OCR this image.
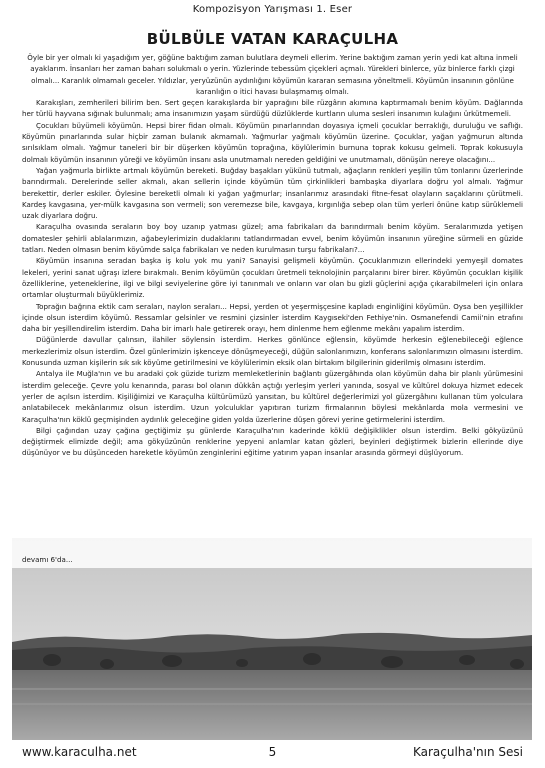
Kompozisyon Yarışması 1. Eser
BÜLBÜLE VATAN KARAÇULHA

Öyle bir yer olmalı ki yaşadığım yer, göğüne baktığım zaman bulutlara deymeli ellerim. Yerine baktığım zaman yerin yedi kat altına inmeli ayaklarım. İnsanları her zaman baharı solukmalı o yerin. Yüzlerinde tebessüm çiçekleri açmalı. Yürekleri binlerce, yüz binlerce farklı çizgi olmalı... Karanlık olmamalı geceler. Yıldızlar, yeryüzünün aydınlığını köyümün kararan semasına yöneltmeli. Köyümün insanının gönlüne karanlığın o itici havası bulaşmamış olmalı.

Karakışları, zemherileri bilirim ben. Sert geçen karakışlarda bir yaprağını bile rüzgârın akımına kaptırmamalı benim köyüm. Dağlarında her türlü hayvana sığınak bulunmalı; ama insanımızın yaşam sürdüğü düzlüklerde kurtların uluma sesleri insanımın kulağını ürkütmemeli.

Çocukları büyümeli köyümün. Hepsi birer fidan olmalı. Köyümün pınarlarından doyasıya içmeli çocuklar berraklığı, duruluğu ve saflığı. Köyümün pınarlarında sular hiçbir zaman bulanık akmamalı. Yağmurlar yağmalı köyümün üzerine. Çocuklar, yağan yağmurun altında sırılsıklam olmalı. Yağmur taneleri bir bir düşerken köyümün toprağına, köylülerimin burnuna toprak kokusu gelmeli. Toprak kokusuyla dolmalı köyümün insanının yüreği ve köyümün insanı asla unutmamalı nereden geldiğini ve unutmamalı, dönüşün nereye olacağını...

Yağan yağmurla birlikte artmalı köyümün bereketi. Buğday başakları yükünü tutmalı, ağaçların renkleri yeşilin tüm tonlarını üzerlerinde barındırmalı. Derelerinde seller akmalı, akan sellerin içinde köyümün tüm çirkinlikleri bambaşka diyarlara doğru yol almalı. Yağmur berekettir, derler eskiler. Öylesine bereketli olmalı ki yağan yağmurlar; insanlarımız arasındaki fitne-fesat olayların saçaklarını çürütmeli. Kardeş kavgasına, yer-mülk kavgasına son vermeli; son veremezse bile, kavgaya, kırgınlığa sebep olan tüm yerleri önüne katıp sürüklemeli uzak diyarlara doğru.

Karaçulha ovasında seraların boy boy uzanıp yatması güzel; ama fabrikaları da barındırmalı benim köyüm. Seralarımızda yetişen domatesler şehirli ablalarımızın, ağabeylerimizin dudaklarını tatlandırmadan evvel, benim köyümün insanının yüreğine sürmeli en güzide tatları. Neden olmasın benim köyümde salça fabrikaları ve neden kurulmasın turşu fabrikaları?...

Köyümün insanına seradan başka iş kolu yok mu yani? Sanayisi gelişmeli köyümün. Çocuklarımızın ellerindeki yemyeşil domates lekeleri, yerini sanat uğraşı izlere bırakmalı. Benim köyümün çocukları üretmeli teknolojinin parçalarını birer birer. Köyümün çocukları kişilik özelliklerine, yeteneklerine, ilgi ve bilgi seviyelerine göre iyi tanınmalı ve onların var olan bu gizli güçlerini açığa çıkarabilmeleri için onlara ortamlar oluşturmalı büyüklerimiz.

Toprağın bağrına ektik cam seraları, naylon seraları... Hepsi, yerden ot yeşermişçesine kapladı enginliğini köyümün. Oysa ben yeşillikler içinde olsun isterdim köyümü. Ressamlar gelsinler ve resmini çizsinler isterdim Kaygıseki'den Fethiye'nin. Osmanefendi Camii'nin etrafını daha bir yeşillendirelim isterdim. Daha bir imarlı hale getirerek orayı, hem dinlenme hem eğlenme mekânı yapalım isterdim.

Düğünlerde davullar çalınsın, ilahiler söylensin isterdim. Herkes gönlünce eğlensin, köyümde herkesin eğlenebileceği eğlence merkezlerimiz olsun isterdim. Özel günlerimizin işkenceye dönüşmeyeceği, düğün salonlarımızın, konferans salonlarımızın olmasını isterdim. Konusunda uzman kişilerin sık sık köyüme getirilmesini ve köylülerimin eksik olan birtakım bilgilerinin giderilmiş olmasını isterdim.

Antalya ile Muğla'nın ve bu aradaki çok güzide turizm memleketlerinin bağlantı güzergâhında olan köyümün daha bir planlı yürümesini isterdim geleceğe. Çevre yolu kenarında, parası bol olanın dükkân açtığı yerleşim yerleri yanında, sosyal ve kültürel dokuya hizmet edecek yerler de açılsın isterdim. Kişiliğimizi ve Karaçulha kültürümüzü yansıtan, bu kültürel değerlerimizi yol güzergâhını kullanan tüm yolculara anlatabilecek mekânlarımız olsun isterdim. Uzun yolculuklar yapıtıran turizm firmalarının böylesi mekânlarda mola vermesini ve Karaçulha'nın köklü geçmişinden aydınlık geleceğine giden yolda üzerlerine düşen görevi yerine getirmelerini isterdim.

Bilgi çağından uzay çağına geçtiğimiz şu günlerde Karaçulha'nın kaderinde köklü değişiklikler olsun isterdim. Belki gökyüzünü değiştirmek elimizde değil; ama gökyüzünün renklerine yepyeni anlamlar katan gözleri, beyinleri değiştirmek bizlerin ellerinde diye düşünüyor ve bu düşünceden hareketle köyümün zenginlerini eğitime yatırım yapan insanlar arasında görmeyi düşlüyorum.

devamı 6'da...
www.karaculha.net	5	Karaçulha'nın Sesi
